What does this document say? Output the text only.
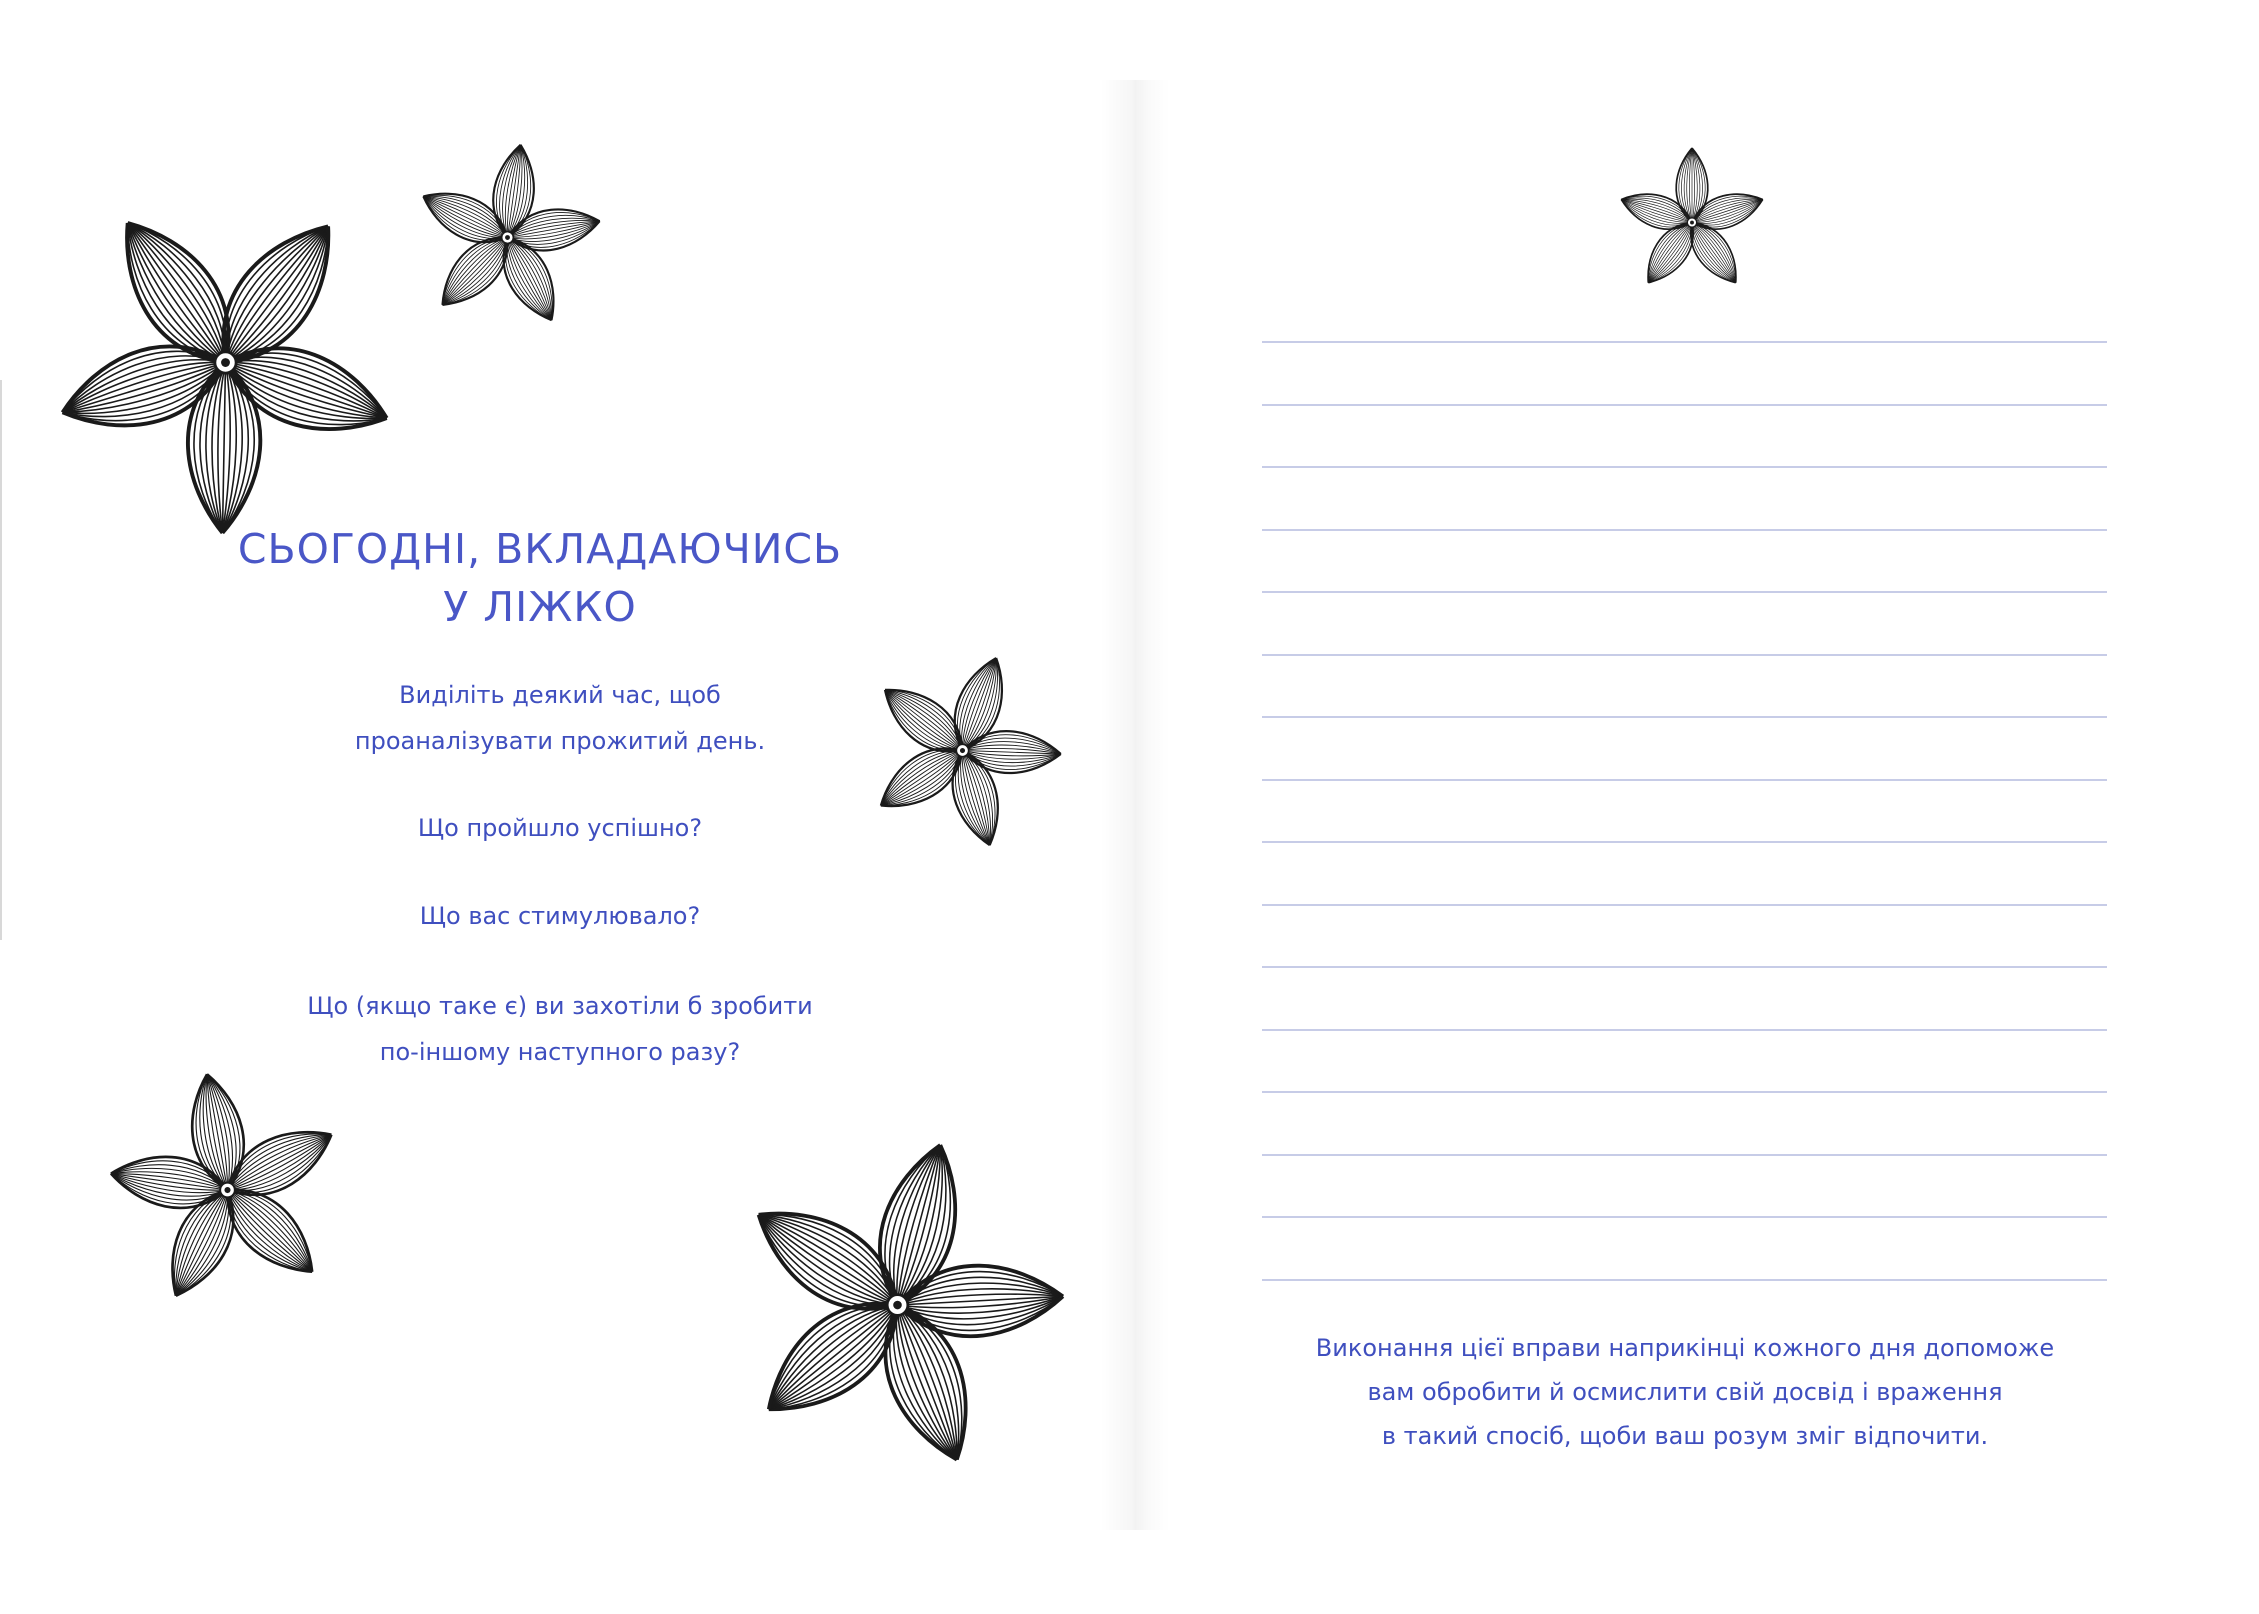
СЬОГОДНІ, ВКЛАДАЮЧИСЬ
У ЛІЖКО

Виділіть деякий час, щоб
проаналізувати прожитий день.

Що пройшло успішно?

Що вас стимулювало?

Що (якщо таке є) ви захотіли б зробити
по-іншому наступного разу?

Виконання цієї вправи наприкінці кожного дня допоможе
вам обробити й осмислити свій досвід і враження
в такий спосіб, щоби ваш розум зміг відпочити.
